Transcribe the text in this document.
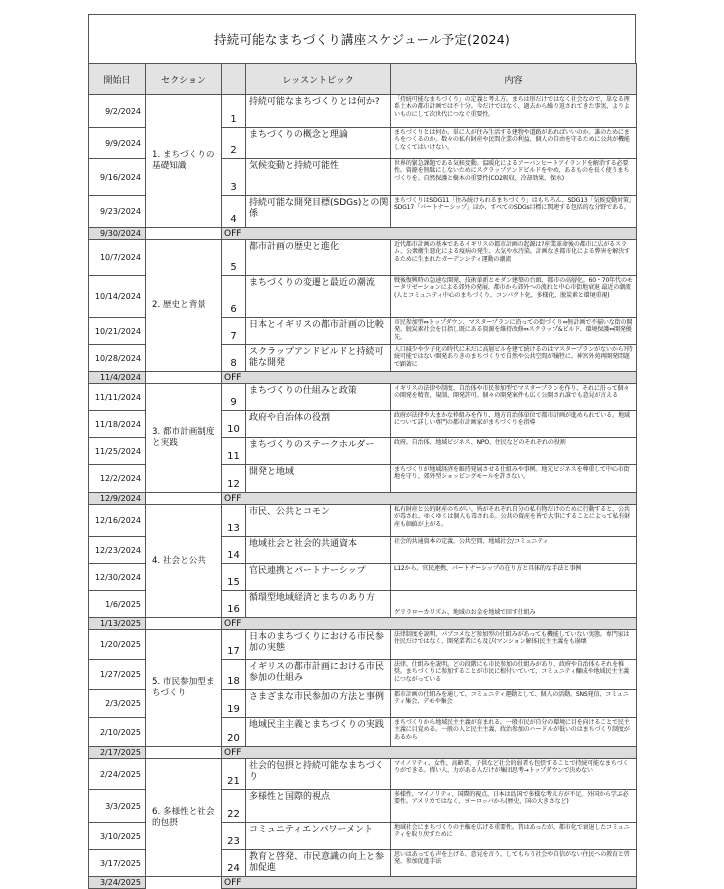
持続可能なまちづくり講座スケジュール予定(2024)
開始日	セクション		レッスントピック	内容
9/2/2024	1. まちづくりの基礎知識	1	持続可能なまちづくりとは何か?	「持続可能なまちづくり」の定義と考え方。まちは形だけではなく社会なので、単なる理系土木の都市計画では不十分。今だけではなく、過去から繰り返されてきた事実、よりよいものにして次世代につなぐ重要性。
9/9/2024		2	まちづくりの概念と理論	まちづくりとは何か。単に人が住み生活する建物や道路があればいいのか。誰のためにまちをつくるのか。数々の私有財産や民間企業の利益、個人の自由を守るために公共が機能しなくてはいけない。
9/16/2024		3	気候変動と持続可能性	世界的緊急課題である気候変動。温暖化によるアーバンヒートアイランドを解消する必要性。資源を無駄にしないためにスクラップアンドビルドをやめ、あるものを長く使うまちづくりを。自然保護と樹木の重要性(CO2吸収、冷却効果、保水)
9/23/2024		4	持続可能な開発目標(SDGs)との関係	まちづくりはSDG11「住み続けられるまちづくり」はもちろん、SDG13「気候変動対策」SDG17「パートナーシップ」ほか、すべてのSDGs目標に関連する包括的な分野である。
9/30/2024		OFF		
10/7/2024	2. 歴史と背景	5	都市計画の歴史と進化	近代都市計画の基本であるイギリスの都市計画の起源は?産業革命後の都市に広がるスラム、公衆衛生悪化による疫病の発生、大気や水汚染。計画なき都市化による弊害を解決するために生まれたガーデンシティ運動の潮流
10/14/2024		6	まちづくりの変遷と最近の潮流	戦後復興時の急速な開発、技術革新とモダン建築の台頭、都市の高層化。60・70年代のモータリゼーションによる郊外の発展、都市から郊外への流れと中心市街地衰退 最近の潮流(人とコミュニティ中心のまちづくり、コンパクト化、多様化、脱炭素と環境重視)
10/21/2024		7	日本とイギリスの都市計画の比較	市民参加型⇔トップダウン、マスタープランに沿っての街づくり⇔無計画で不揃いな街の開発、脱炭素社会を目指し既にある資源を維持改修⇔スクラップ&ビルド、環境保護⇔開発優先、
10/28/2024		8	スクラップアンドビルドと持続可能な開発	人口減少や少子化の時代に未だに高層ビルを建て続けるのはマスタープランがないから?持続可能ではない開発ありきのまちづくりで自然や公共空間が犠牲に。神宮外苑再開発問題で顕著に
11/4/2024		OFF		
11/11/2024	3. 都市計画制度と実践	9	まちづくりの仕組みと政策	イギリスの法律や制度、自治体や市民参加型でマスタープランを作り、それに沿って個々の開発を精査、規制、開発許可。個々の開発案件も広く公開され誰でも意見が言える
11/18/2024		10	政府や自治体の役割	政府が法律や大まかな枠組みを作り、地方自治体単位で都市計画が進められている。地域について詳しい専門の都市計画家がまちづくりを指導
11/25/2024		11	まちづくりのステークホルダー	政府、自治体、地域ビジネス、NPO、住民などのそれぞれの役割
12/2/2024		12	開発と地域	まちづくりが地域経済を維持発展させる仕組みや事例。地元ビジネスを尊重して中心市街地を守り、郊外型ショッピングモールを許さない。
12/9/2024		OFF		
12/16/2024	4. 社会と公共	13	市民、公共とコモン	私有財産と公的財産のちがい。皆がそれぞれ自分の私有物だけのために行動すると、公共が毒され、ゆくゆくは個人も毒される。公共の資産を皆で大事にすることによって私有財産も価値が上がる。
12/23/2024		14	地域社会と社会的共通資本	社会的共通資本の定義、公共空間、地域社会/コミュニティ
12/30/2024		15	官民連携とパートナーシップ	L12から、官民連携、パートナーシップの在り方と具体的な手法と事例
1/6/2025		16	循環型地域経済とまちのあり方	ゲリラローカリズム、地域のお金を地域で回す仕組み
1/13/2025		OFF		
1/20/2025	5. 市民参加型まちづくり	17	日本のまちづくりにおける市民参加の実態	法律制度を説明、パブコメなど参加型の仕組みがあっても機能していない実態。専門家は住民だけではなく、開発業者にも及び(マンション解体)民主主義をも崩壊
1/27/2025		18	イギリスの都市計画における市民参加の仕組み	法律、仕組みを説明。どの段階にも市民参加の仕組みがあり、政府や自治体もそれを推奨。まちづくりに参加することが市民に根付いていて、コミュニティ醸成や地域民主主義につながっている
2/3/2025		19	さまざまな市民参加の方法と事例	都市計画の仕組みを通して、コミュニティ運動として、個人の活動、SNS発信、コミュニティ集会、デモや集会
2/10/2025		20	地域民主主義とまちづくりの実践	まちづくりから地域民主主義が育まれる。一般市民が自分の環境に目を向けることで民主主義に目覚める。一般の人と民主主義、政治参加のハードルが低いのはまちづくり制度があるから
2/17/2025		OFF		
2/24/2025	6. 多様性と社会的包摂	21	社会的包摂と持続可能なまちづくり	マイノリティ、女性、高齢者、子供など社会的弱者も包摂することで持続可能なまちづくりができる。偉い人、力がある人だけが集団思考→トップダウンで決めない
3/3/2025		22	多様性と国際的視点	多様性、マイノリティ、国際的視点、日本は島国で多様な考え方が不足。外国から学ぶ必要性。アメリカではなく、ヨーロッパから(歴史、国の大きさなど)
3/10/2025		23	コミュニティエンパワーメント	地域社会にまちづくりの主権を広げる重要性。昔はあったが、都市化で衰退したコミュニティを取り戻すために
3/17/2025		24	教育と啓発、市民意識の向上と参加促進	思いはあっても声を上げる、意見を言う、してもらう社会や自信がない住民への教育と啓発、参加促進手法
3/24/2025		OFF		
